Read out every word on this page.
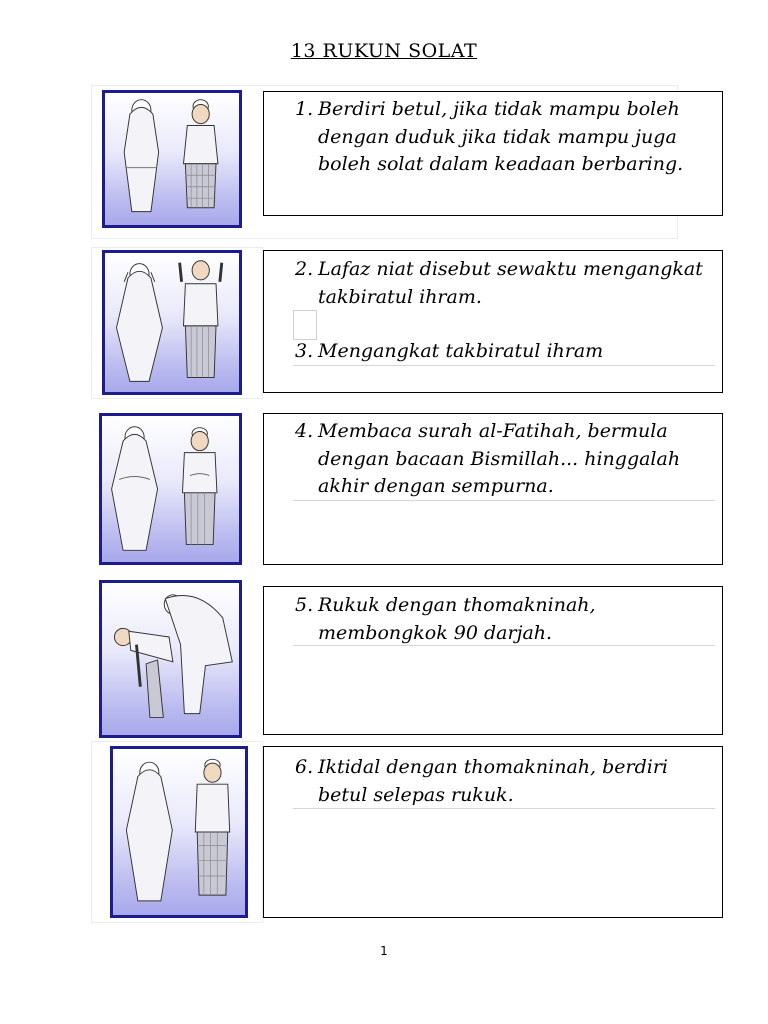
13 RUKUN SOLAT
1. Berdiri betul, jika tidak mampu boleh dengan duduk jika tidak mampu juga boleh solat dalam keadaan berbaring.
2. Lafaz niat disebut sewaktu mengangkat takbiratul ihram.
3. Mengangkat takbiratul ihram
4. Membaca surah al-Fatihah, bermula dengan bacaan Bismillah... hinggalah akhir dengan sempurna.
5. Rukuk dengan thomakninah, membongkok 90 darjah.
6. Iktidal dengan thomakninah, berdiri betul selepas rukuk.
1
